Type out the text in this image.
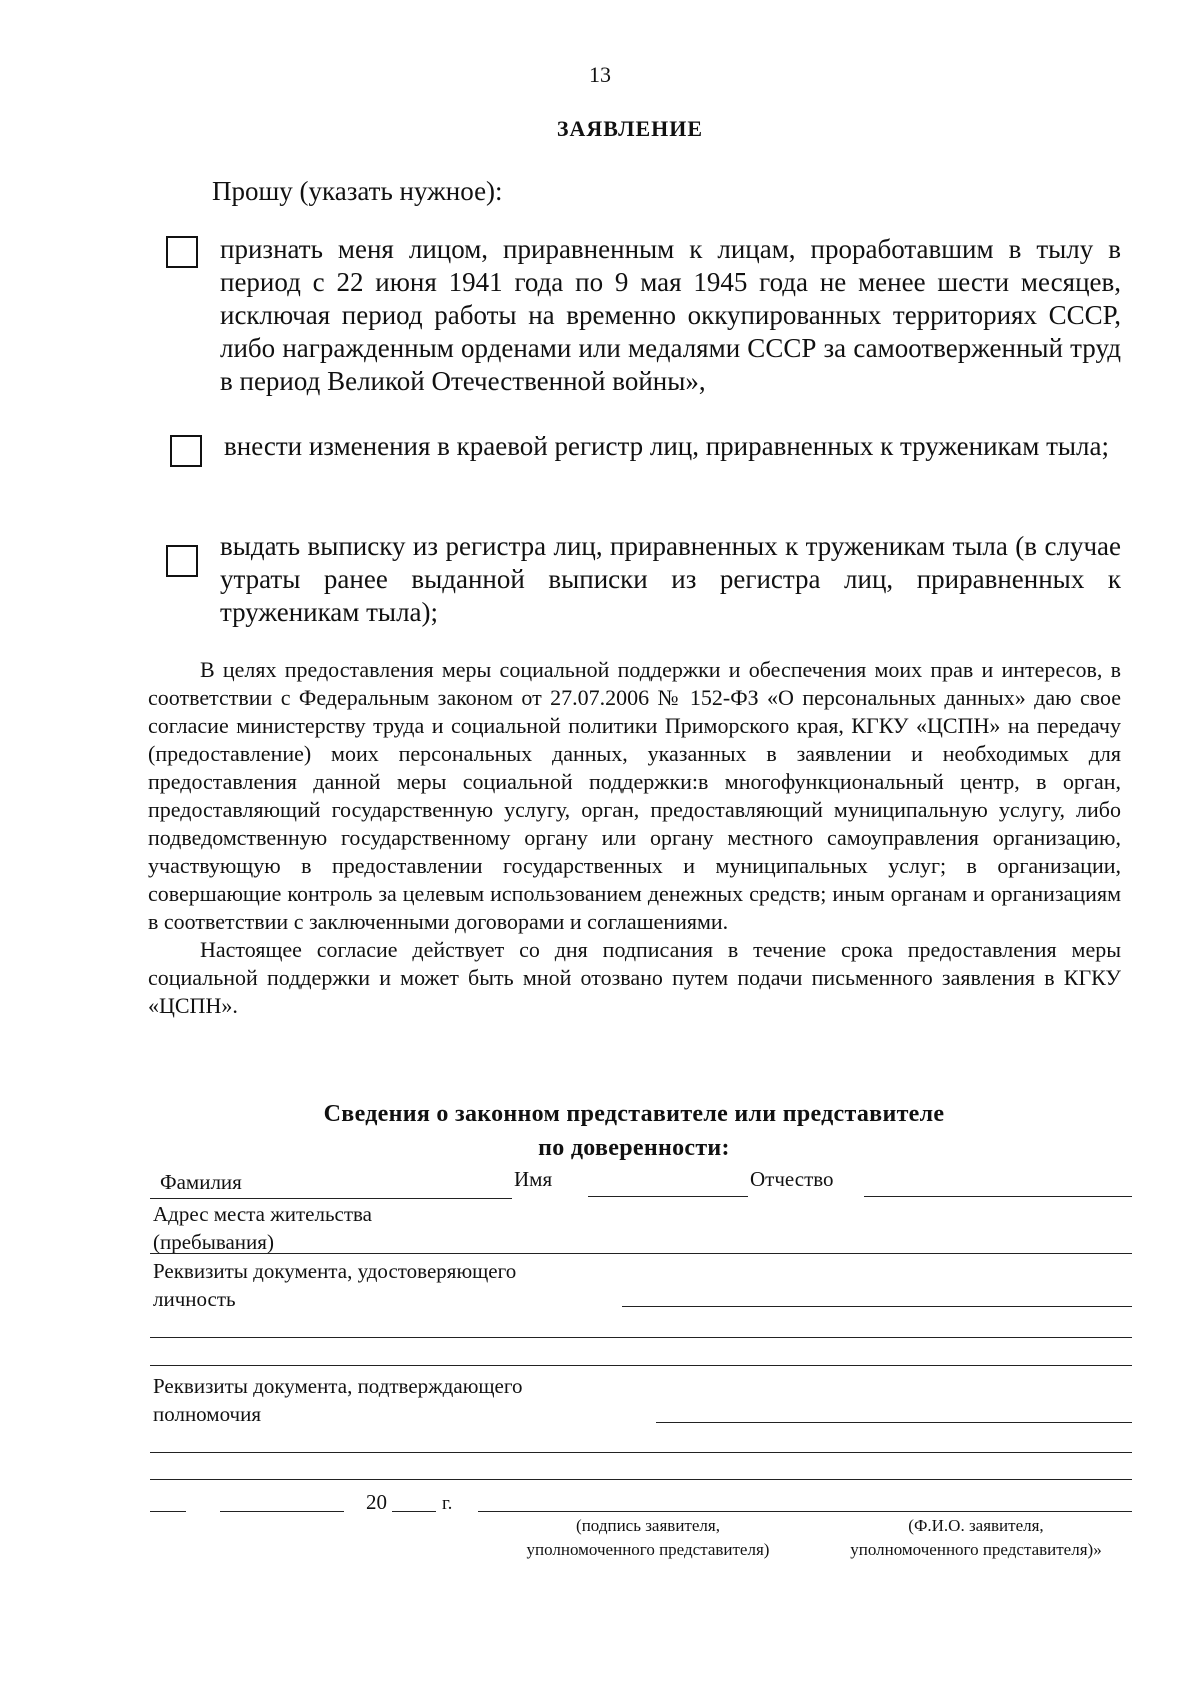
13
ЗАЯВЛЕНИЕ
Прошу (указать нужное):
признать меня лицом, приравненным к лицам, проработавшим в тылу в период с 22 июня 1941 года по 9 мая 1945 года не менее шести месяцев, исключая период работы на временно оккупированных территориях СССР, либо награжденным орденами или медалями СССР за самоотверженный труд в период Великой Отечественной войны»,
внести изменения в краевой регистр лиц, приравненных к труженикам тыла;
выдать выписку из регистра лиц, приравненных к труженикам тыла (в случае утраты ранее выданной выписки из регистра лиц, приравненных к труженикам тыла);

В целях предоставления меры социальной поддержки и обеспечения моих прав и интересов, в соответствии с Федеральным законом от 27.07.2006 № 152-ФЗ «О персональных данных» даю свое согласие министерству труда и социальной политики Приморского края, КГКУ «ЦСПН» на передачу (предоставление) моих персональных данных, указанных в заявлении и необходимых для предоставления данной меры социальной поддержки:в многофункциональный центр, в орган, предоставляющий государственную услугу, орган, предоставляющий муниципальную услугу, либо подведомственную государственному органу или органу местного самоуправления организацию, участвующую в предоставлении государственных и муниципальных услуг; в организации, совершающие контроль за целевым использованием денежных средств; иным органам и организациям в соответствии с заключенными договорами и соглашениями.

Настоящее согласие действует со дня подписания в течение срока предоставления меры социальной поддержки и может быть мной отозвано путем подачи письменного заявления в КГКУ «ЦСПН».

Сведения о законном представителе или представителе
по доверенности:
Фамилия	Имя	Отчество
Адрес места жительства
(пребывания)
Реквизиты документа, удостоверяющего
личность
Реквизиты документа, подтверждающего
полномочия
20	г.
(подпись заявителя,
уполномоченного представителя)
(Ф.И.О. заявителя,
уполномоченного представителя)»
